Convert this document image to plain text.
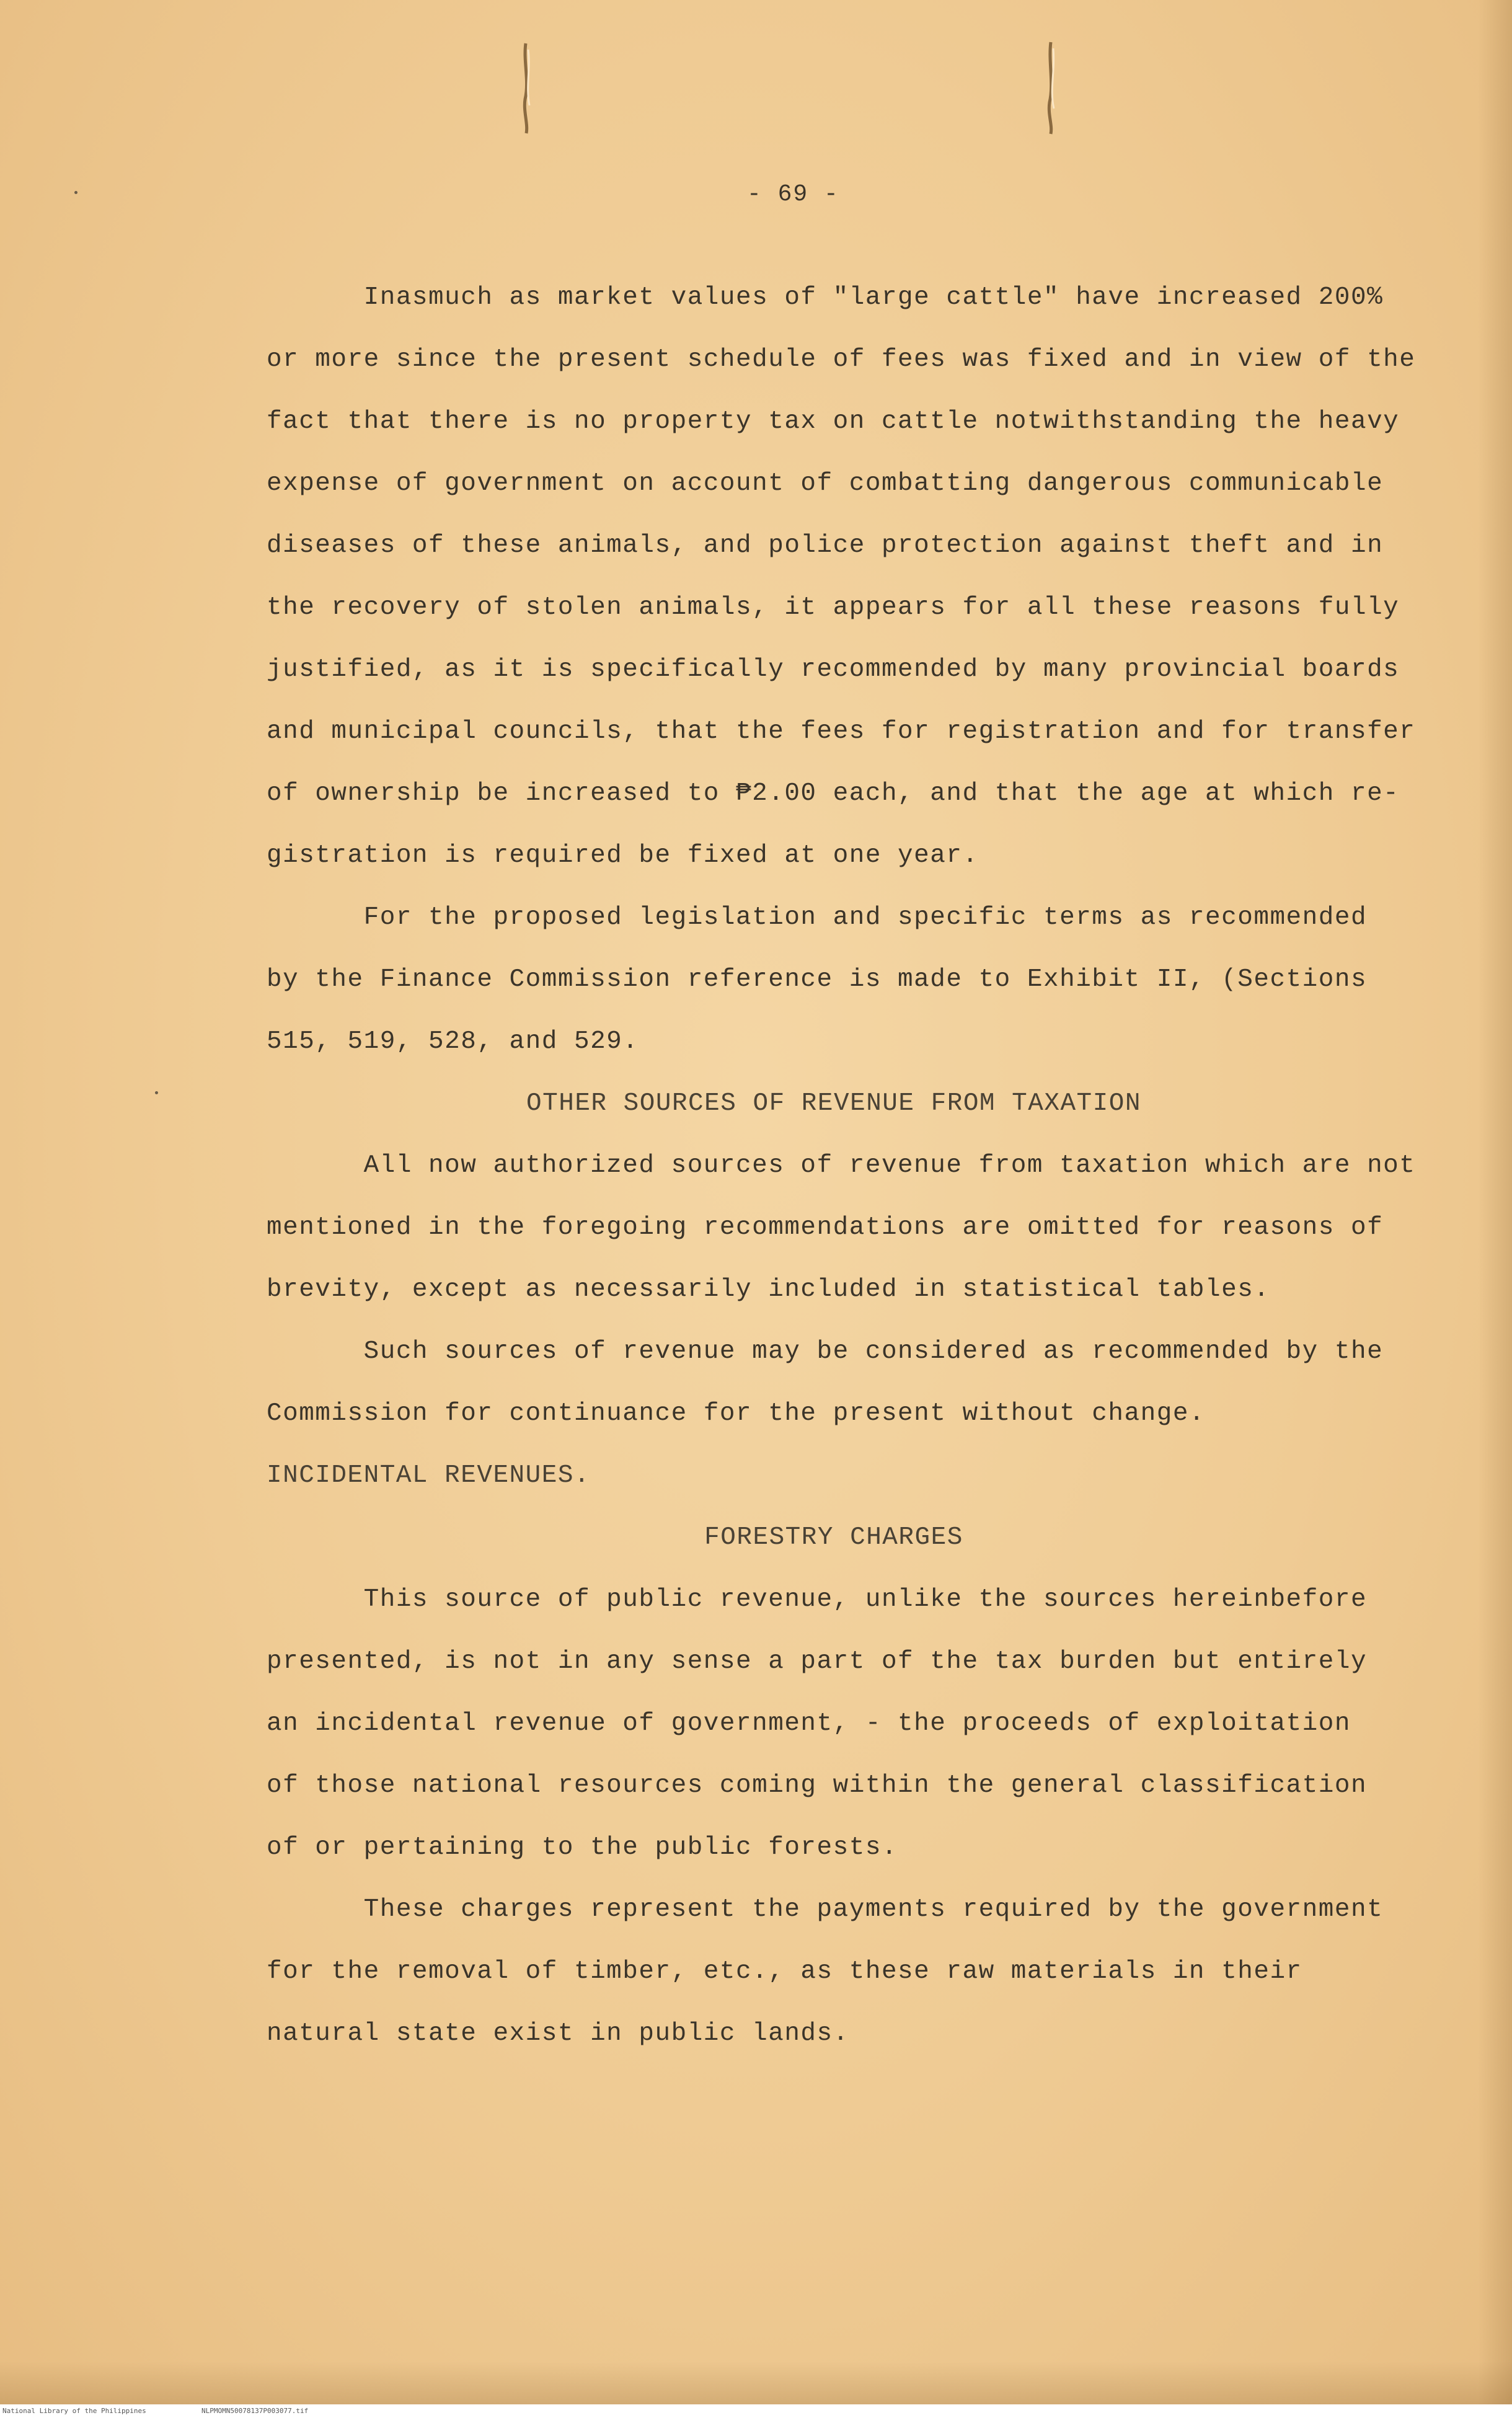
- 69 -

Inasmuch as market values of "large cattle" have increased 200%

or more since the present schedule of fees was fixed and in view of the

fact that there is no property tax on cattle notwithstanding the heavy

expense of government on account of combatting dangerous communicable

diseases of these animals, and police protection against theft and in

the recovery of stolen animals, it appears for all these reasons fully

justified, as it is specifically recommended by many provincial boards

and municipal councils, that the fees for registration and for transfer

of ownership be increased to ₱2.00 each, and that the age at which re-

gistration is required be fixed at one year.

For the proposed legislation and specific terms as recommended

by the Finance Commission reference is made to Exhibit II, (Sections

515, 519, 528, and 529.

OTHER SOURCES OF REVENUE FROM TAXATION

All now authorized sources of revenue from taxation which are not

mentioned in the foregoing recommendations are omitted for reasons of

brevity, except as necessarily included in statistical tables.

Such sources of revenue may be considered as recommended by the

Commission for continuance for the present without change.

INCIDENTAL REVENUES.

FORESTRY CHARGES

This source of public revenue, unlike the sources hereinbefore

presented, is not in any sense a part of the tax burden but entirely

an incidental revenue of government, - the proceeds of exploitation

of those national resources coming within the general classification

of or pertaining to the public forests.

These charges represent the payments required by the government

for the removal of timber, etc., as these raw materials in their

natural state exist in public lands.

National Library of the Philippines	NLPMOMN50078137P003077.tif
